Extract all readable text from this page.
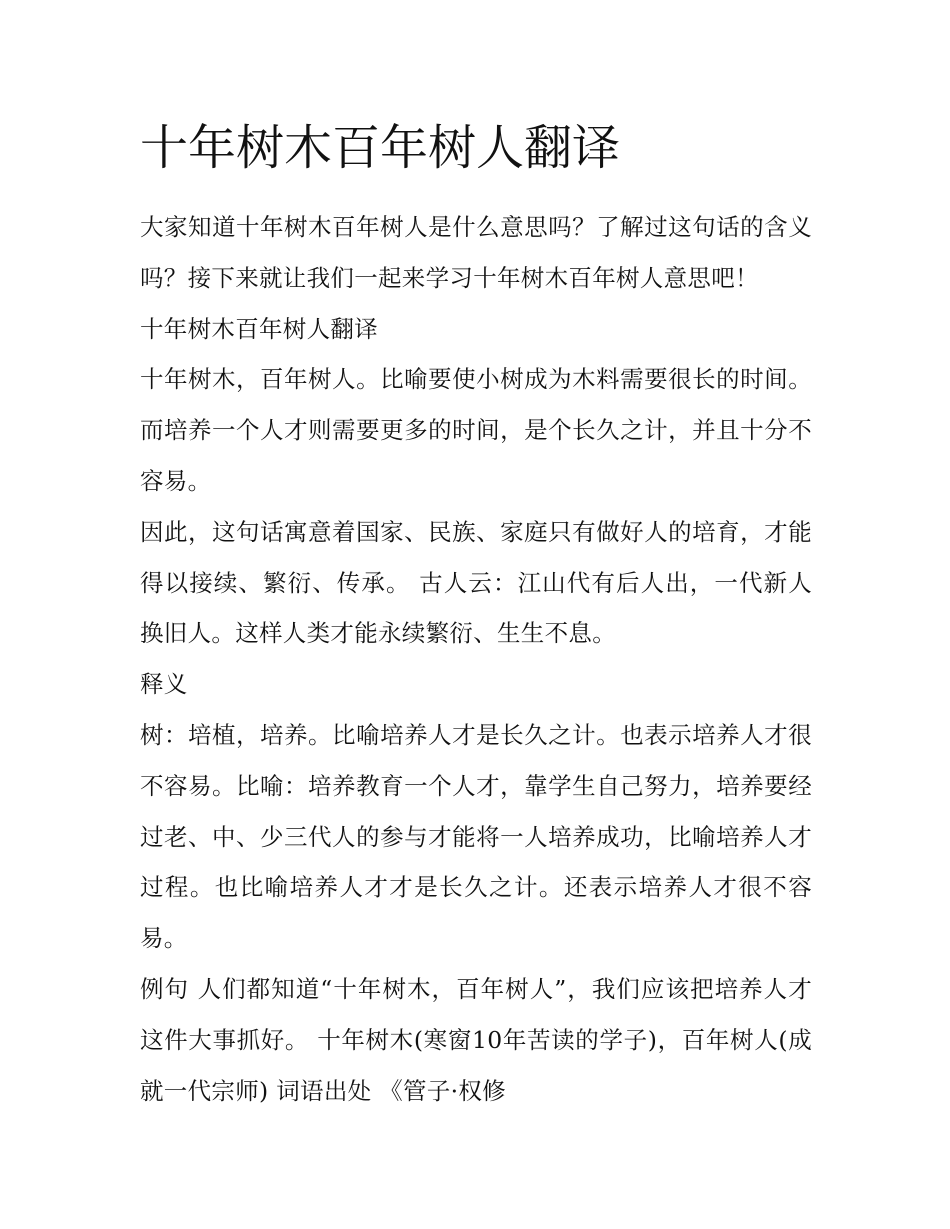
十年树木百年树人翻译

大家知道十年树木百年树人是什么意思吗？了解过这句话的含义吗？接下来就让我们一起来学习十年树木百年树人意思吧！

十年树木百年树人翻译

十年树木，百年树人。比喻要使小树成为木料需要很长的时间。而培养一个人才则需要更多的时间，是个长久之计，并且十分不容易。

因此，这句话寓意着国家、民族、家庭只有做好人的培育，才能得以接续、繁衍、传承。 古人云：江山代有后人出，一代新人换旧人。这样人类才能永续繁衍、生生不息。

释义

树：培植，培养。比喻培养人才是长久之计。也表示培养人才很不容易。比喻：培养教育一个人才，靠学生自己努力，培养要经过老、中、少三代人的参与才能将一人培养成功，比喻培养人才过程。也比喻培养人才才是长久之计。还表示培养人才很不容易。

例句 人们都知道“十年树木，百年树人”，我们应该把培养人才这件大事抓好。 十年树木(寒窗10年苦读的学子)，百年树人(成就一代宗师) 词语出处 《管子·权修
